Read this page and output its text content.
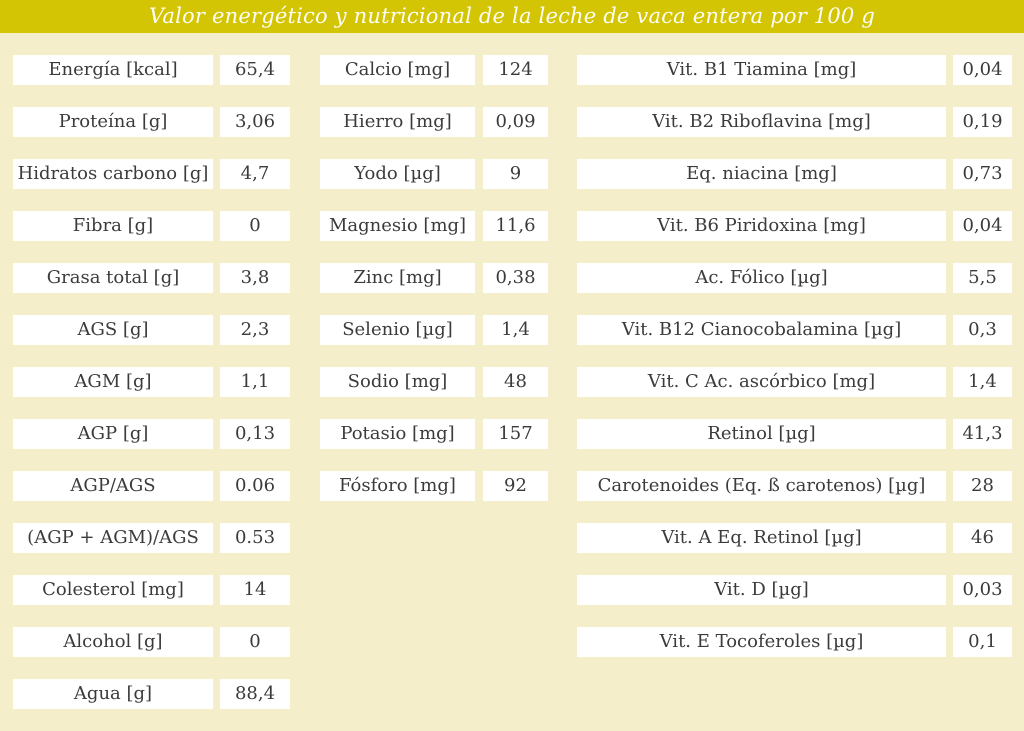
Valor energético y nutricional de la leche de vaca entera por 100 g
Energía [kcal]	65,4
Proteína [g]	3,06
Hidratos carbono [g]	4,7
Fibra [g]	0
Grasa total [g]	3,8
AGS [g]	2,3
AGM [g]	1,1
AGP [g]	0,13
AGP/AGS	0.06
(AGP + AGM)/AGS	0.53
Colesterol [mg]	14
Alcohol [g]	0
Agua [g]	88,4
Calcio [mg]	124
Hierro [mg]	0,09
Yodo [µg]	9
Magnesio [mg]	11,6
Zinc [mg]	0,38
Selenio [µg]	1,4
Sodio [mg]	48
Potasio [mg]	157
Fósforo [mg]	92
Vit. B1 Tiamina [mg]	0,04
Vit. B2 Riboflavina [mg]	0,19
Eq. niacina [mg]	0,73
Vit. B6 Piridoxina [mg]	0,04
Ac. Fólico [µg]	5,5
Vit. B12 Cianocobalamina [µg]	0,3
Vit. C Ac. ascórbico [mg]	1,4
Retinol [µg]	41,3
Carotenoides (Eq. ß carotenos) [µg]	28
Vit. A Eq. Retinol [µg]	46
Vit. D [µg]	0,03
Vit. E Tocoferoles [µg]	0,1
